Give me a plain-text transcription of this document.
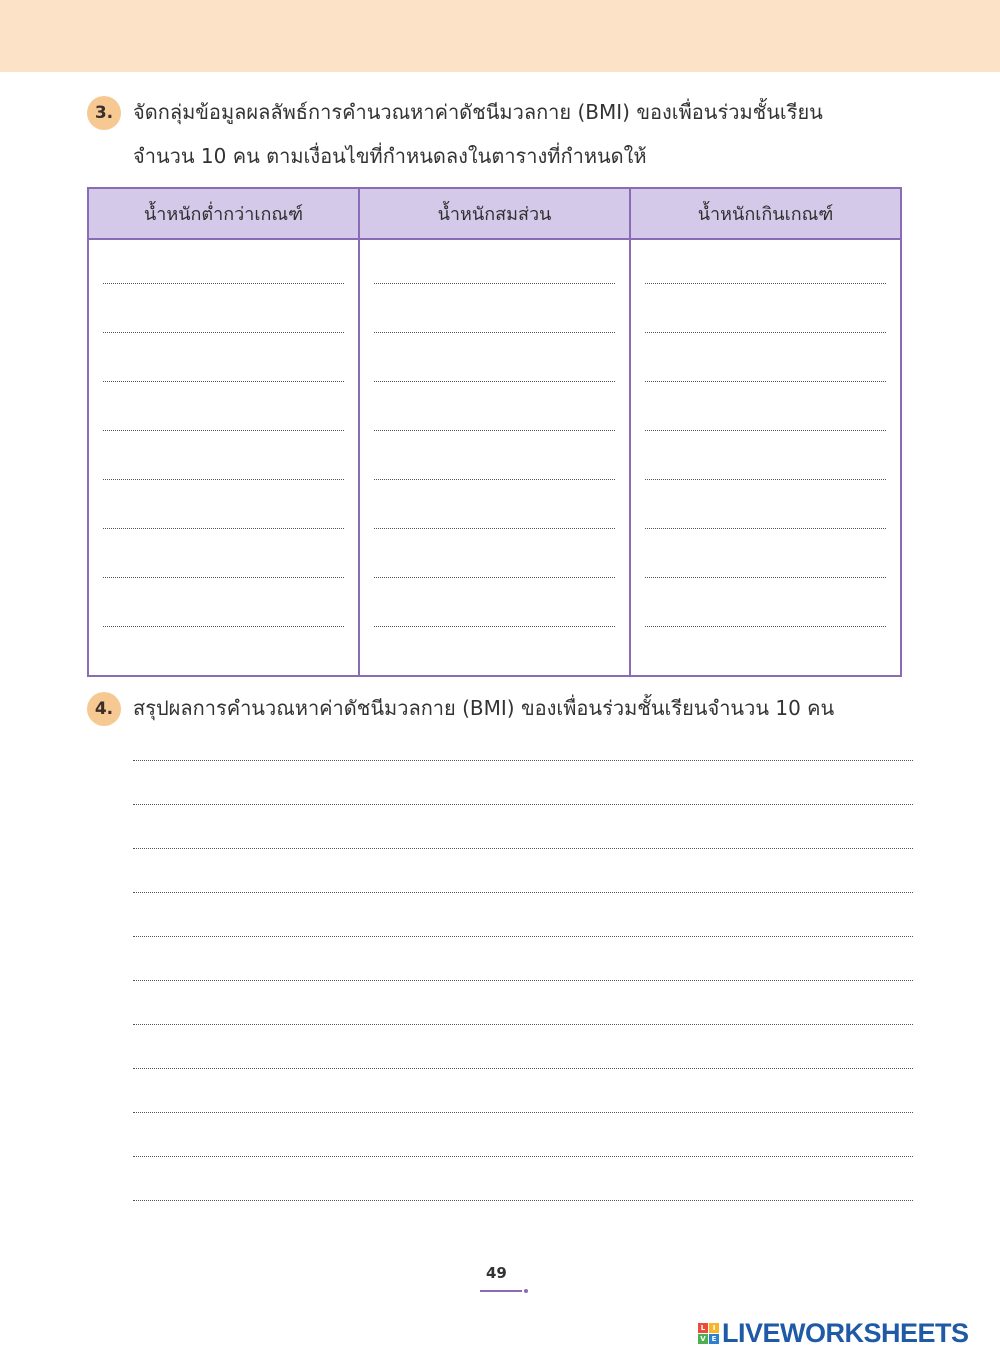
3. จัดกลุ่มข้อมูลผลลัพธ์การคำนวณหาค่าดัชนีมวลกาย (BMI) ของเพื่อนร่วมชั้นเรียน
จำนวน 10 คน ตามเงื่อนไขที่กำหนดลงในตารางที่กำหนดให้
น้ำหนักต่ำกว่าเกณฑ์	น้ำหนักสมส่วน	น้ำหนักเกินเกณฑ์

4. สรุปผลการคำนวณหาค่าดัชนีมวลกาย (BMI) ของเพื่อนร่วมชั้นเรียนจำนวน 10 คน
49
L	I
V E LIVEWORKSHEETS
